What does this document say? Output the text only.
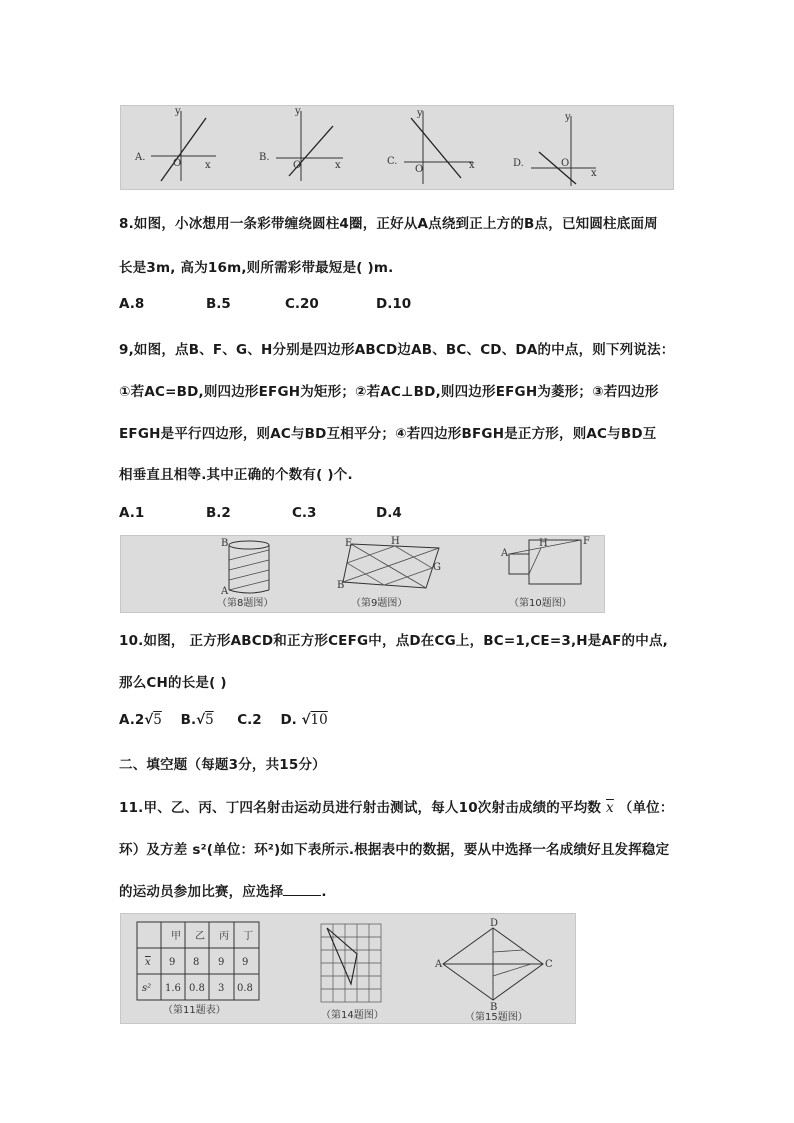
A.
x
y
O
B.
x
y
O	C.	x
y
O
D.
x
y
O
8.如图，小冰想用一条彩带缠绕圆柱4圈，正好从A点绕到正上方的B点，已知圆柱底面周
长是3m, 高为16m,则所需彩带最短是( )m.
A.8	B.5	C.20	D.10
9,如图，点B、F、G、H分别是四边形ABCD边AB、BC、CD、DA的中点，则下列说法：
①若AC=BD,则四边形EFGH为矩形；②若AC⊥BD,则四边形EFGH为菱形；③若四边形
EFGH是平行四边形，则AC与BD互相平分；④若四边形BFGH是正方形，则AC与BD互
相垂直且相等.其中正确的个数有( )个.
A.1	B.2	C.3	D.4
B
A
（第8题图）
E	H
G
B
（第9题图）
A
H	F
（第10题图）
10.如图， 正方形ABCD和正方形CEFG中，点D在CG上，BC=1,CE=3,H是AF的中点,
那么CH的长是( )
A.2√5 B.√5 C.2 D. √10
二、填空题（每题3分，共15分）
11.甲、乙、丙、丁四名射击运动员进行射击测试，每人10次射击成绩的平均数 $\overline{x}$ （单位：
环）及方差 s²(单位：环²)如下表所示.根据表中的数据，要从中选择一名成绩好且发挥稳定
的运动员参加比赛，应选择	.
甲 乙 丙 丁
x 9 8 9 9
s² 1.6 0.8 3 0.8
（第11题表）	（第14题图）
D
A	C
B
（第15题图）
